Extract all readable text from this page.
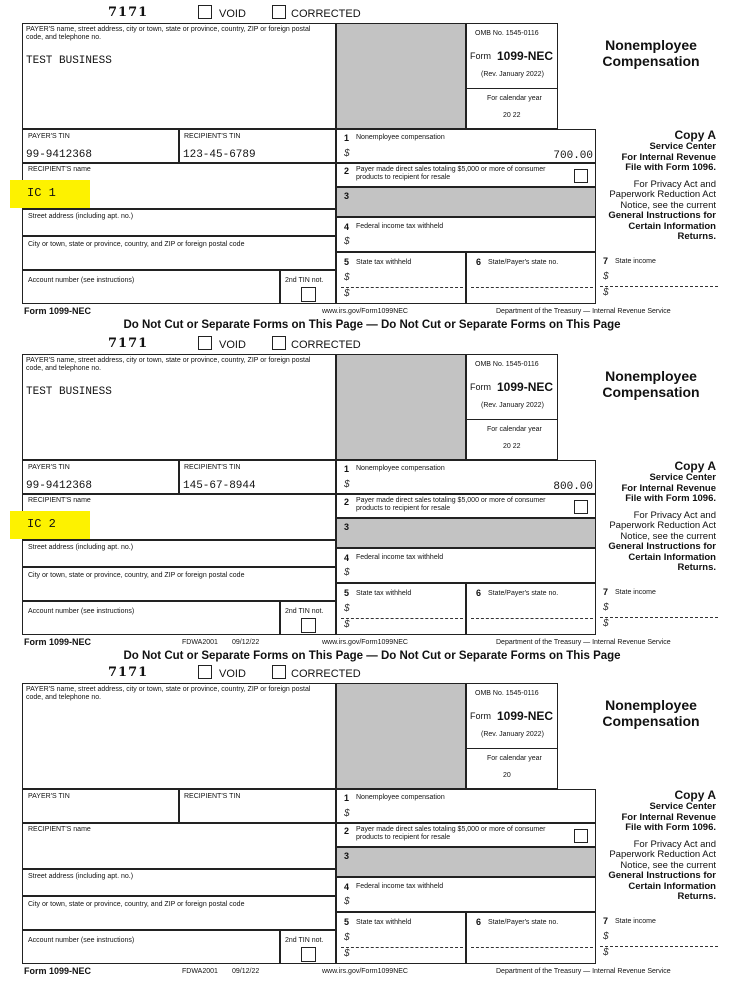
7171	VOID	CORRECTED
PAYER'S name, street address, city or town, state or province, country, ZIP or foreign postal code, and telephone no.
TEST BUSINESS
OMB No. 1545-0116
Form 1099-NEC
(Rev. January 2022)
For calendar year
20 22
Nonemployee
Compensation
PAYER'S TIN
99-9412368
RECIPIENT'S TIN
123-45-6789
RECIPIENT'S name
IC 1
Street address (including apt. no.)
City or town, state or province, country, and ZIP or foreign postal code
Account number (see instructions)	2nd TIN not.
1 Nonemployee compensation
$	700.00
2 Payer made direct sales totaling $5,000 or more of consumer products to recipient for resale
3
4 Federal income tax withheld
$
5 State tax withheld
$
$
6 State/Payer's state no.	7 State income
$
$
Copy A
Service Center
For Internal Revenue
File with Form 1096.
For Privacy Act and
Paperwork Reduction Act
Notice, see the current
General Instructions for
Certain Information
Returns.
Form 1099-NEC	www.irs.gov/Form1099NEC	Department of the Treasury — Internal Revenue Service
Do Not Cut or Separate Forms on This Page — Do Not Cut or Separate Forms on This Page
7171	VOID	CORRECTED
PAYER'S name, street address, city or town, state or province, country, ZIP or foreign postal code, and telephone no.
TEST BUSINESS
OMB No. 1545-0116
Form 1099-NEC
(Rev. January 2022)
For calendar year
20 22
Nonemployee
Compensation
PAYER'S TIN
99-9412368
RECIPIENT'S TIN
145-67-8944
RECIPIENT'S name
IC 2
Street address (including apt. no.)
City or town, state or province, country, and ZIP or foreign postal code
Account number (see instructions)	2nd TIN not.
1 Nonemployee compensation
$	800.00
2 Payer made direct sales totaling $5,000 or more of consumer products to recipient for resale
3
4 Federal income tax withheld
$
5 State tax withheld
$
$
6 State/Payer's state no.	7 State income
$
$
Copy A
Service Center
For Internal Revenue
File with Form 1096.
For Privacy Act and
Paperwork Reduction Act
Notice, see the current
General Instructions for
Certain Information
Returns.
Form 1099-NEC	FDWA2001 09/12/22	www.irs.gov/Form1099NEC	Department of the Treasury — Internal Revenue Service
Do Not Cut or Separate Forms on This Page — Do Not Cut or Separate Forms on This Page
7171	VOID	CORRECTED
PAYER'S name, street address, city or town, state or province, country, ZIP or foreign postal code, and telephone no.
OMB No. 1545-0116
Form 1099-NEC
(Rev. January 2022)
For calendar year
20
Nonemployee
Compensation
PAYER'S TIN	RECIPIENT'S TIN
RECIPIENT'S name
Street address (including apt. no.)
City or town, state or province, country, and ZIP or foreign postal code
Account number (see instructions)	2nd TIN not.
1 Nonemployee compensation
$
2 Payer made direct sales totaling $5,000 or more of consumer products to recipient for resale
3
4 Federal income tax withheld
$
5 State tax withheld
$
$
6 State/Payer's state no.	7 State income
$
$
Copy A
Service Center
For Internal Revenue
File with Form 1096.
For Privacy Act and
Paperwork Reduction Act
Notice, see the current
General Instructions for
Certain Information
Returns.
Form 1099-NEC	FDWA2001 09/12/22	www.irs.gov/Form1099NEC	Department of the Treasury — Internal Revenue Service
